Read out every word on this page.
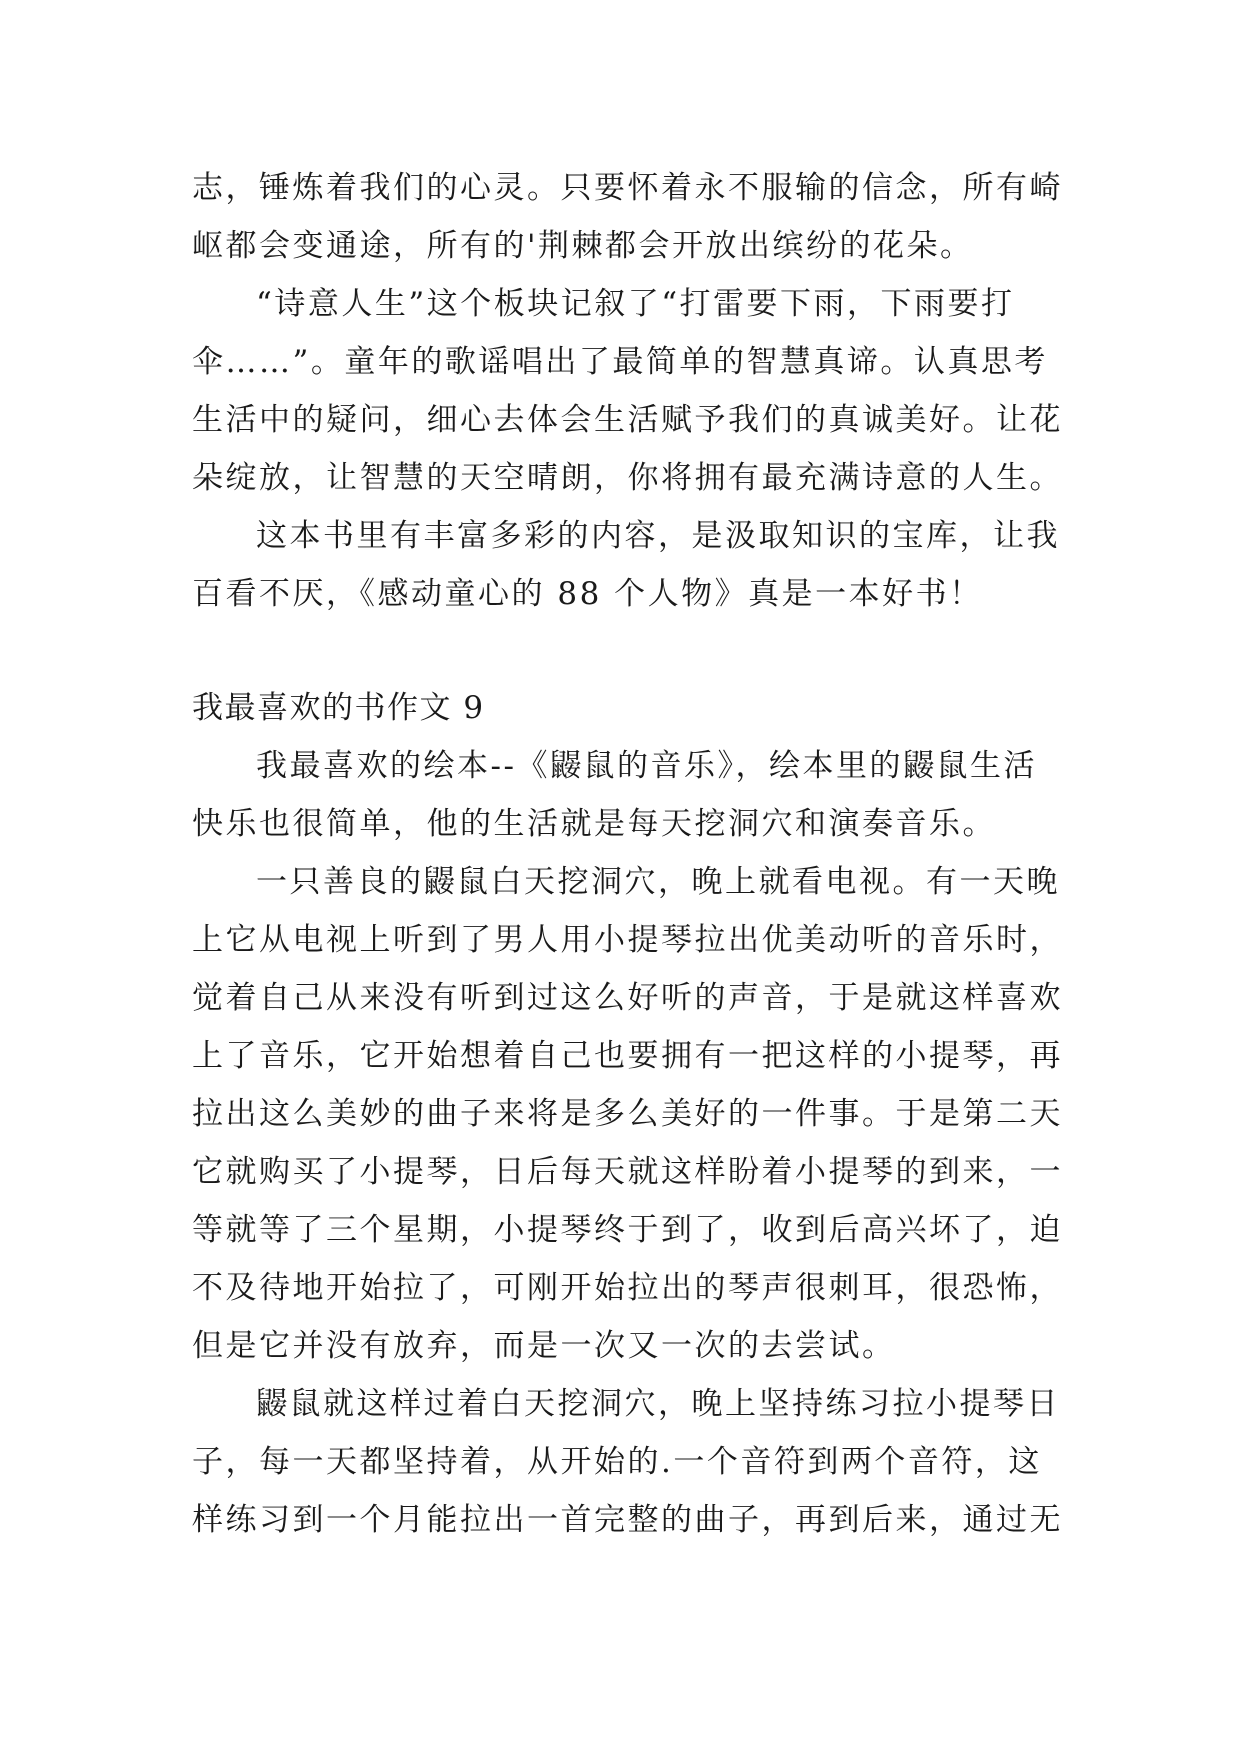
志，锤炼着我们的心灵。只要怀着永不服输的信念，所有崎
岖都会变通途，所有的'荆棘都会开放出缤纷的花朵。
“诗意人生”这个板块记叙了“打雷要下雨，下雨要打
伞……”。童年的歌谣唱出了最简单的智慧真谛。认真思考
生活中的疑问，细心去体会生活赋予我们的真诚美好。让花
朵绽放，让智慧的天空晴朗，你将拥有最充满诗意的人生。
这本书里有丰富多彩的内容，是汲取知识的宝库，让我
百看不厌，《感动童心的 88 个人物》真是一本好书！
我最喜欢的书作文 9
我最喜欢的绘本--《鼹鼠的音乐》，绘本里的鼹鼠生活
快乐也很简单，他的生活就是每天挖洞穴和演奏音乐。
一只善良的鼹鼠白天挖洞穴，晚上就看电视。有一天晚
上它从电视上听到了男人用小提琴拉出优美动听的音乐时，
觉着自己从来没有听到过这么好听的声音，于是就这样喜欢
上了音乐，它开始想着自己也要拥有一把这样的小提琴，再
拉出这么美妙的曲子来将是多么美好的一件事。于是第二天
它就购买了小提琴，日后每天就这样盼着小提琴的到来，一
等就等了三个星期，小提琴终于到了，收到后高兴坏了，迫
不及待地开始拉了，可刚开始拉出的琴声很刺耳，很恐怖，
但是它并没有放弃，而是一次又一次的去尝试。
鼹鼠就这样过着白天挖洞穴，晚上坚持练习拉小提琴日
子，每一天都坚持着，从开始的.一个音符到两个音符，这
样练习到一个月能拉出一首完整的曲子，再到后来，通过无
